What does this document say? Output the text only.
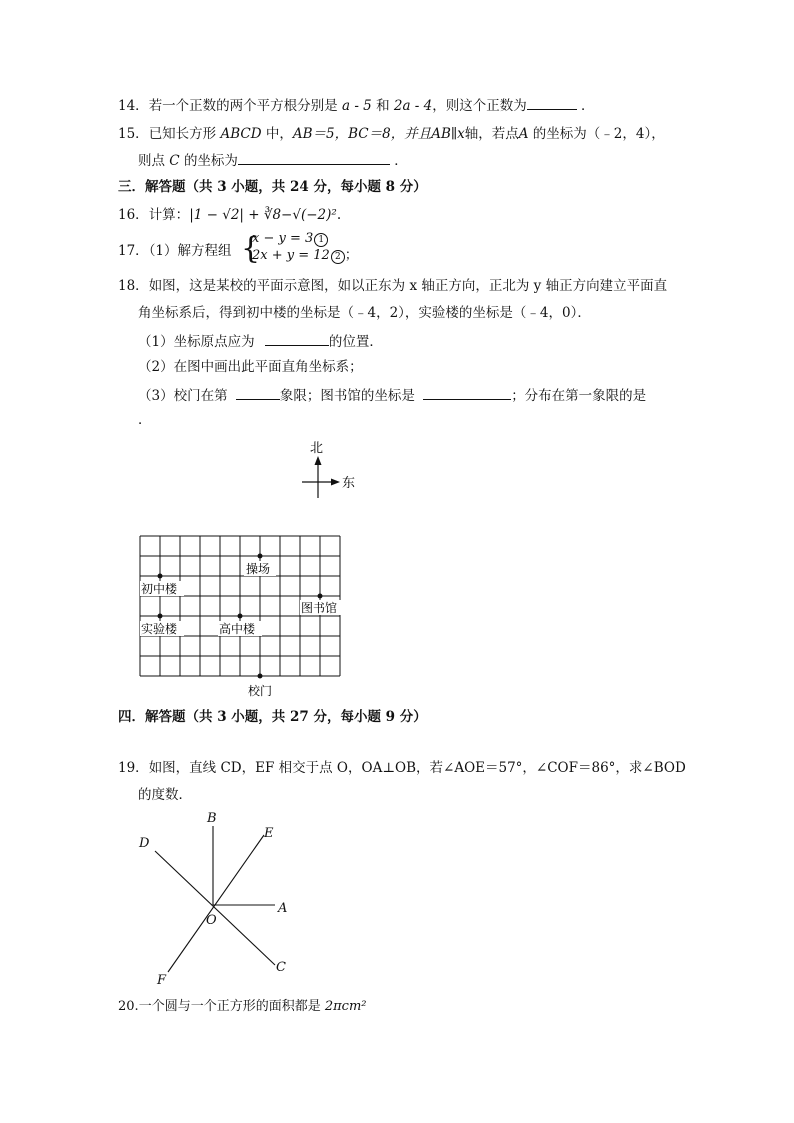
14．若一个正数的两个平方根分别是 a - 5 和 2a - 4，则这个正数为	．
15．已知长方形 ABCD 中，AB＝5，BC＝8，并且AB∥x轴，若点A 的坐标为（﹣2，4），
则点 C 的坐标为	．
三．解答题（共 3 小题，共 24 分，每小题 8 分）
16．计算：|1 − √2| + ∛8−√(−2)².
17．（1）解方程组 {
x − y = 3 1
2x + y = 12 2 ；
18．如图，这是某校的平面示意图，如以正东为 x 轴正方向，正北为 y 轴正方向建立平面直
角坐标系后，得到初中楼的坐标是（﹣4，2），实验楼的坐标是（﹣4，0）．
（1）坐标原点应为	的位置．
（2）在图中画出此平面直角坐标系；
（3）校门在第	象限；图书馆的坐标是	；分布在第一象限的是
．
北
东
操场
初中楼
图书馆
实验楼	高中楼
校门
四．解答题（共 3 小题，共 27 分，每小题 9 分）
19．如图，直线 CD，EF 相交于点 O，OA⊥OB，若∠AOE＝57°，∠COF＝86°，求∠BOD
的度数．
B
E
D
A
O
F
C
20.一个圆与一个正方形的面积都是 2πcm²
